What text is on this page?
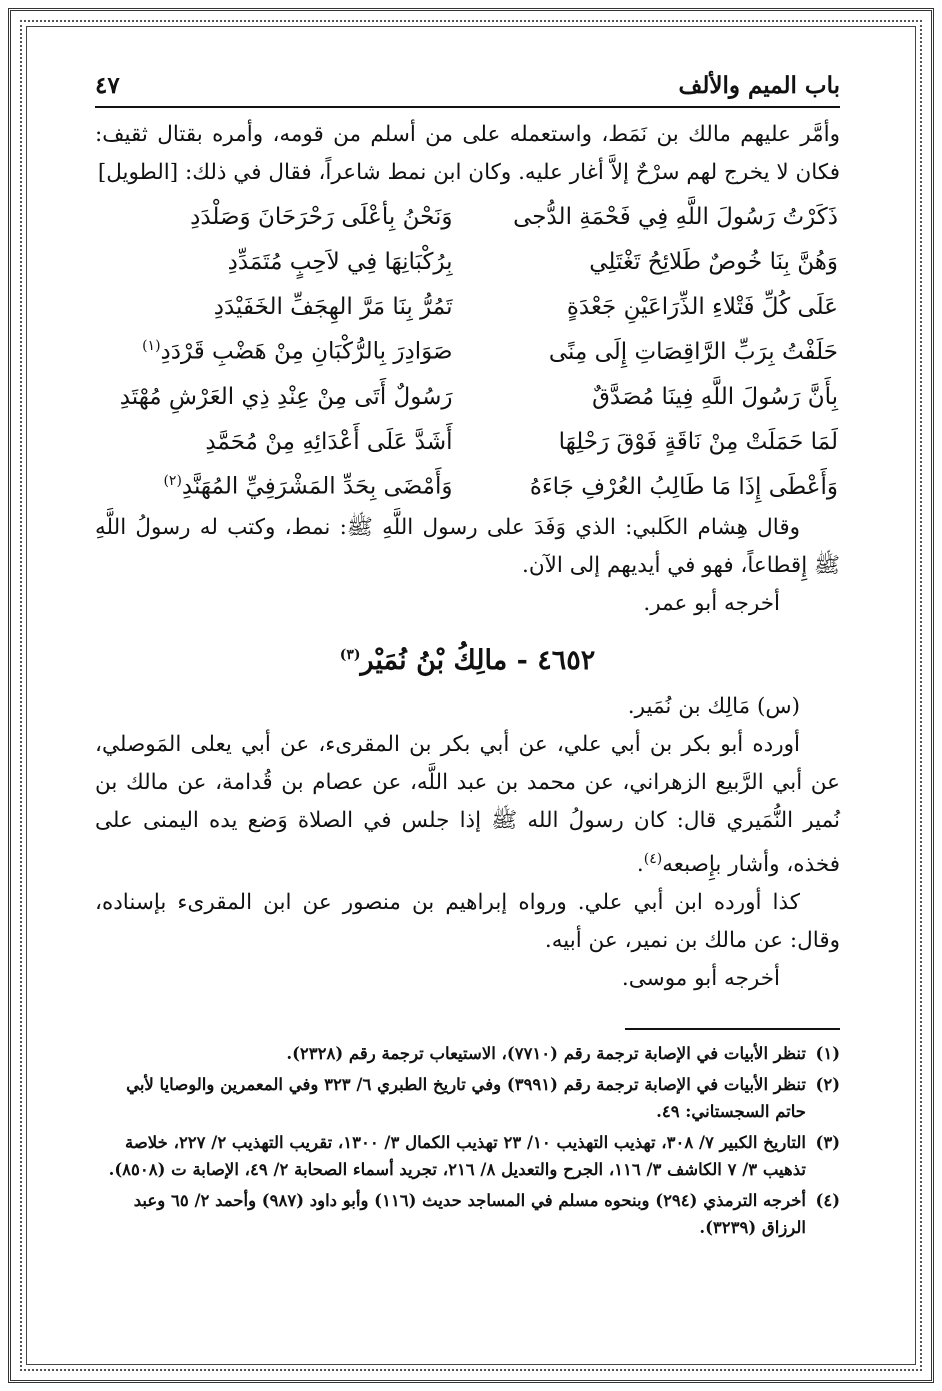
باب الميم والألف
٤٧

وأمَّر عليهم مالك بن نَمَط، واستعمله على من أسلم من قومه، وأمره بقتال ثقيف: فكان لا يخرج لهم سرْحٌ إلاَّ أغار عليه. وكان ابن نمط شاعراً، فقال في ذلك: [الطويل]

ذَكَرْتُ رَسُولَ اللَّهِ فِي فَحْمَةِ الدُّجى
وَنَحْنُ بِأعْلَى رَحْرَحَانَ وَصَلْدَدِ
وَهُنَّ بِنَا خُوصٌ طَلائِحُ تَغْتَلِي
بِرُكْبَانِهَا فِي لاَحِبٍ مُتَمَدِّدِ
عَلَى كُلِّ فَتْلاءِ الذِّرَاعَيْنِ جَعْدَةٍ
تَمُرُّ بِنَا مَرَّ الهِجَفِّ الخَفَيْدَدِ
حَلَفْتُ بِرَبِّ الرَّاقِصَاتِ إِلَى مِنًى
صَوَادِرَ بِالرُّكْبَانِ مِنْ هَضْبِ قَرْدَدِ$^{(١)}$
بِأَنَّ رَسُولَ اللَّهِ فِينَا مُصَدَّقٌ
رَسُولٌ أَتَى مِنْ عِنْدِ ذِي العَرْشِ مُهْتَدِ
لَمَا حَمَلَتْ مِنْ نَاقَةٍ فَوْقَ رَحْلِهَا
أَشَدَّ عَلَى أَعْدَائِهِ مِنْ مُحَمَّدِ
وَأَعْطَى إِذَا مَا طَالِبُ العُرْفِ جَاءَهُ
وَأَمْضَى بِحَدِّ المَشْرَفِيِّ المُهَنَّدِ$^{(٢)}$

وقال هِشام الكَلبي: الذي وَفَدَ على رسول اللَّهِ ﷺ: نمط، وكتب له رسولُ اللَّهِ ﷺ إِقطاعاً، فهو في أيديهم إلى الآن.

أخرجه أبو عمر.

٤٦٥٢ - مالِكُ بْنُ نُمَيْر$^{(٣)}$

(س) مَالِك بن نُمَير.

أورده أبو بكر بن أبي علي، عن أبي بكر بن المقرىء، عن أبي يعلى المَوصلي، عن أبي الرَّبيع الزهراني، عن محمد بن عبد اللَّه، عن عصام بن قُدامة، عن مالك بن نُمير النُّمَيري قال: كان رسولُ الله ﷺ إذا جلس في الصلاة وَضع يده اليمنى على فخذه، وأشار بإِصبعه$^{(٤)}$.

كذا أورده ابن أبي علي. ورواه إبراهيم بن منصور عن ابن المقرىء بإسناده، وقال: عن مالك بن نمير، عن أبيه.

أخرجه أبو موسى.

(١)
تنظر الأبيات في الإصابة ترجمة رقم (٧٧١٠)، الاستيعاب ترجمة رقم (٢٣٢٨).
(٢)
تنظر الأبيات في الإصابة ترجمة رقم (٣٩٩١) وفي تاريخ الطبري ٦/ ٣٢٣ وفي المعمرين والوصايا لأبي حاتم السجستاني: ٤٩.
(٣)
التاريخ الكبير ٧/ ٣٠٨، تهذيب التهذيب ١٠/ ٢٣ تهذيب الكمال ٣/ ١٣٠٠، تقريب التهذيب ٢/ ٢٢٧، خلاصة تذهيب ٣/ ٧ الكاشف ٣/ ١١٦، الجرح والتعديل ٨/ ٢١٦، تجريد أسماء الصحابة ٢/ ٤٩، الإصابة ت (٨٥٠٨).
(٤)
أخرجه الترمذي (٢٩٤) وبنحوه مسلم في المساجد حديث (١١٦) وأبو داود (٩٨٧) وأحمد ٢/ ٦٥ وعبد الرزاق (٣٢٣٩).
